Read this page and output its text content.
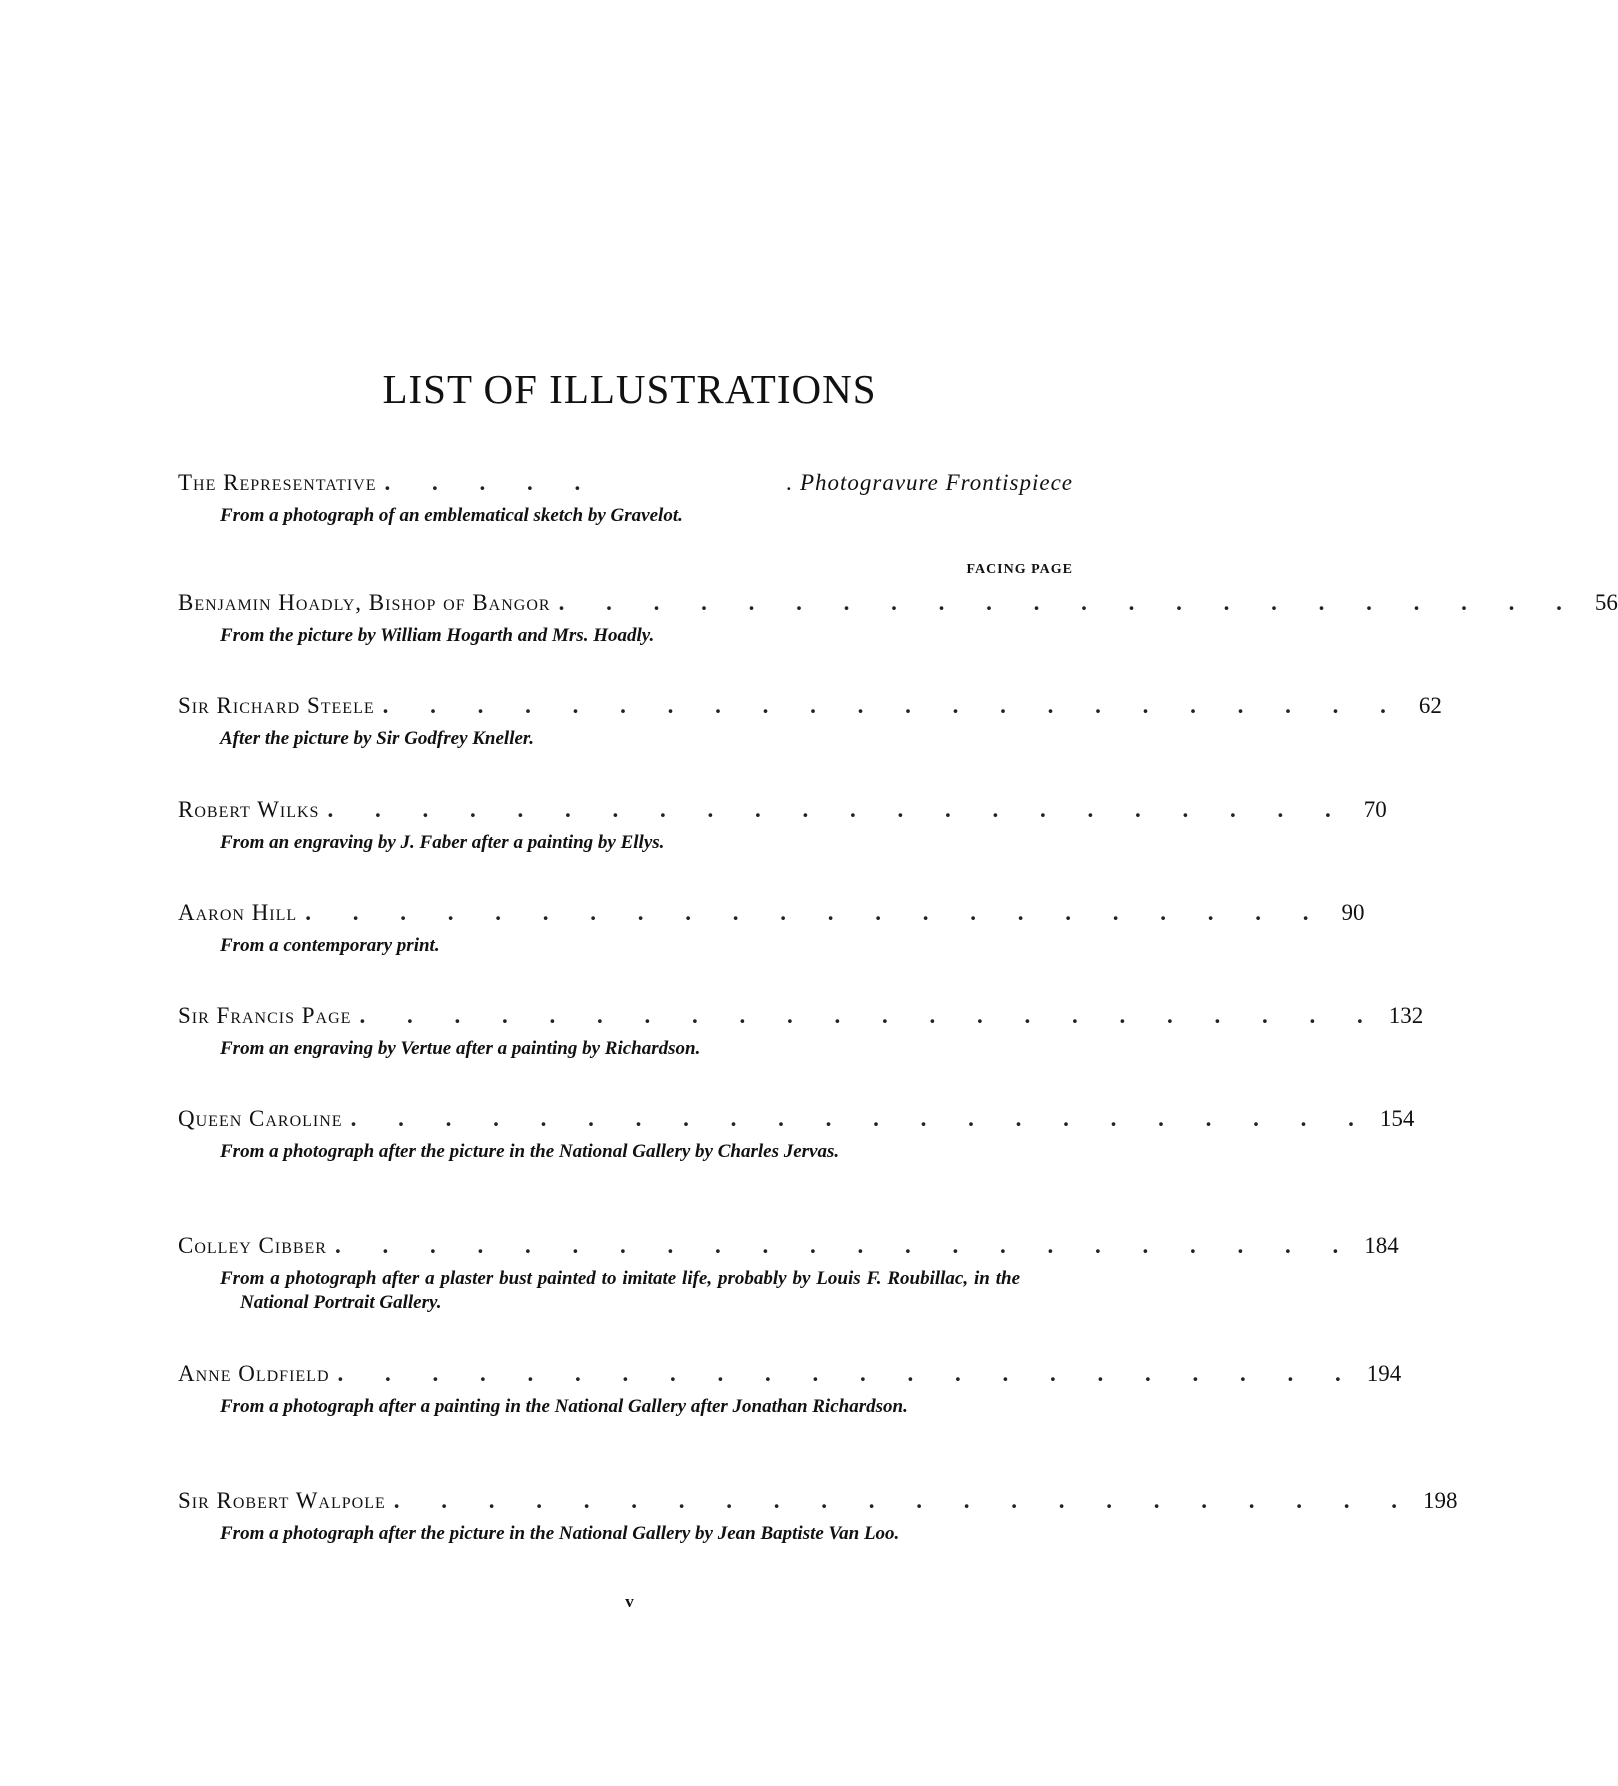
LIST OF ILLUSTRATIONS
The Representative . . . . .	. Photogravure Frontispiece
From a photograph of an emblematical sketch by Gravelot.
FACING PAGE
Benjamin Hoadly, Bishop of Bangor . . . . . . . . . . . . . . . . . . . . . . 56
From the picture by William Hogarth and Mrs. Hoadly.
Sir Richard Steele . . . . . . . . . . . . . . . . . . . . . . 62
After the picture by Sir Godfrey Kneller.
Robert Wilks . . . . . . . . . . . . . . . . . . . . . . 70
From an engraving by J. Faber after a painting by Ellys.
Aaron Hill . . . . . . . . . . . . . . . . . . . . . . 90
From a contemporary print.
Sir Francis Page . . . . . . . . . . . . . . . . . . . . . . 132
From an engraving by Vertue after a painting by Richardson.
Queen Caroline . . . . . . . . . . . . . . . . . . . . . . 154
From a photograph after the picture in the National Gallery by Charles Jervas.
Colley Cibber . . . . . . . . . . . . . . . . . . . . . . 184
From a photograph after a plaster bust painted to imitate life, probably by Louis F. Roubillac, in the National Portrait Gallery.
Anne Oldfield . . . . . . . . . . . . . . . . . . . . . . 194
From a photograph after a painting in the National Gallery after Jonathan Richardson.
Sir Robert Walpole . . . . . . . . . . . . . . . . . . . . . . 198
From a photograph after the picture in the National Gallery by Jean Baptiste Van Loo.
v
